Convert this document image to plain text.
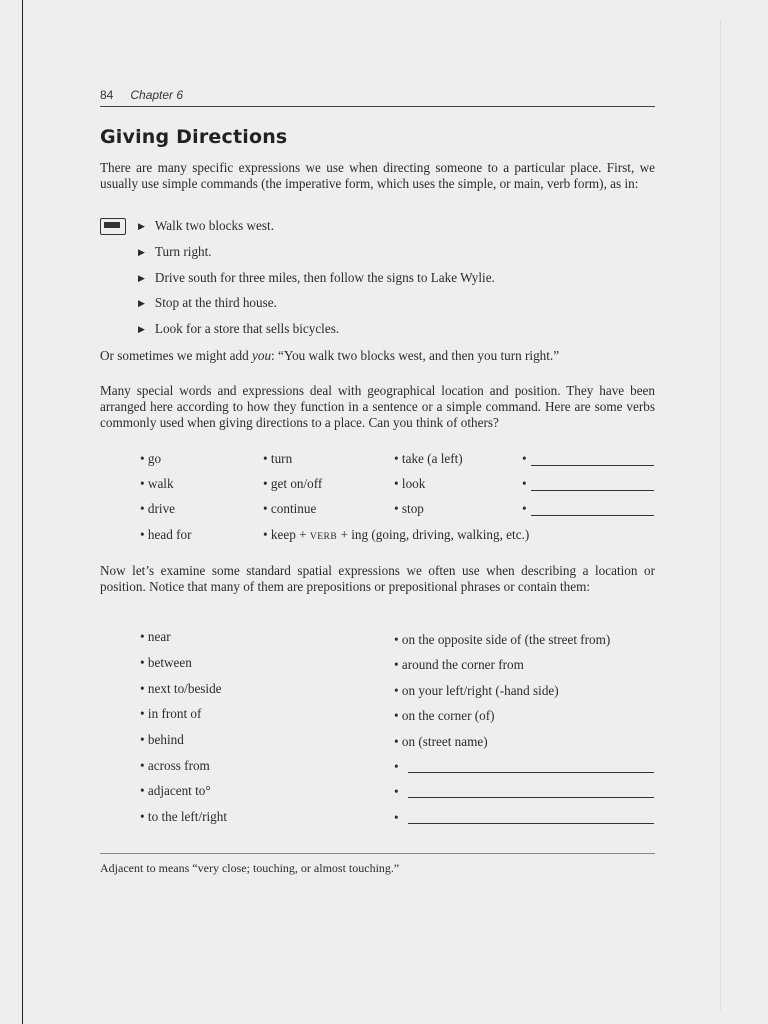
84 Chapter 6
Giving Directions
There are many specific expressions we use when directing someone to a particular place. First, we usually use simple commands (the imperative form, which uses the simple, or main, verb form), as in:
▶ Walk two blocks west.
▶ Turn right.
▶ Drive south for three miles, then follow the signs to Lake Wylie.
▶ Stop at the third house.
▶ Look for a store that sells bicycles.
Or sometimes we might add you: “You walk two blocks west, and then you turn right.”
Many special words and expressions deal with geographical location and position. They have been arranged here according to how they function in a sentence or a simple command. Here are some verbs commonly used when giving directions to a place. Can you think of others?
• go
• walk
• drive
• head for
• turn
• get on/off
• continue
• keep + VERB + ing (going, driving, walking, etc.)
• take (a left)
• look
• stop
•
•
•
Now let’s examine some standard spatial expressions we often use when describing a location or position. Notice that many of them are prepositions or prepositional phrases or contain them:
• near
• between
• next to/beside
• in front of
• behind
• across from
• adjacent to°
• to the left/right
• on the opposite side of (the street from)
• around the corner from
• on your left/right (-hand side)
• on the corner (of)
• on (street name)
•
•
•
Adjacent to means “very close; touching, or almost touching.”
